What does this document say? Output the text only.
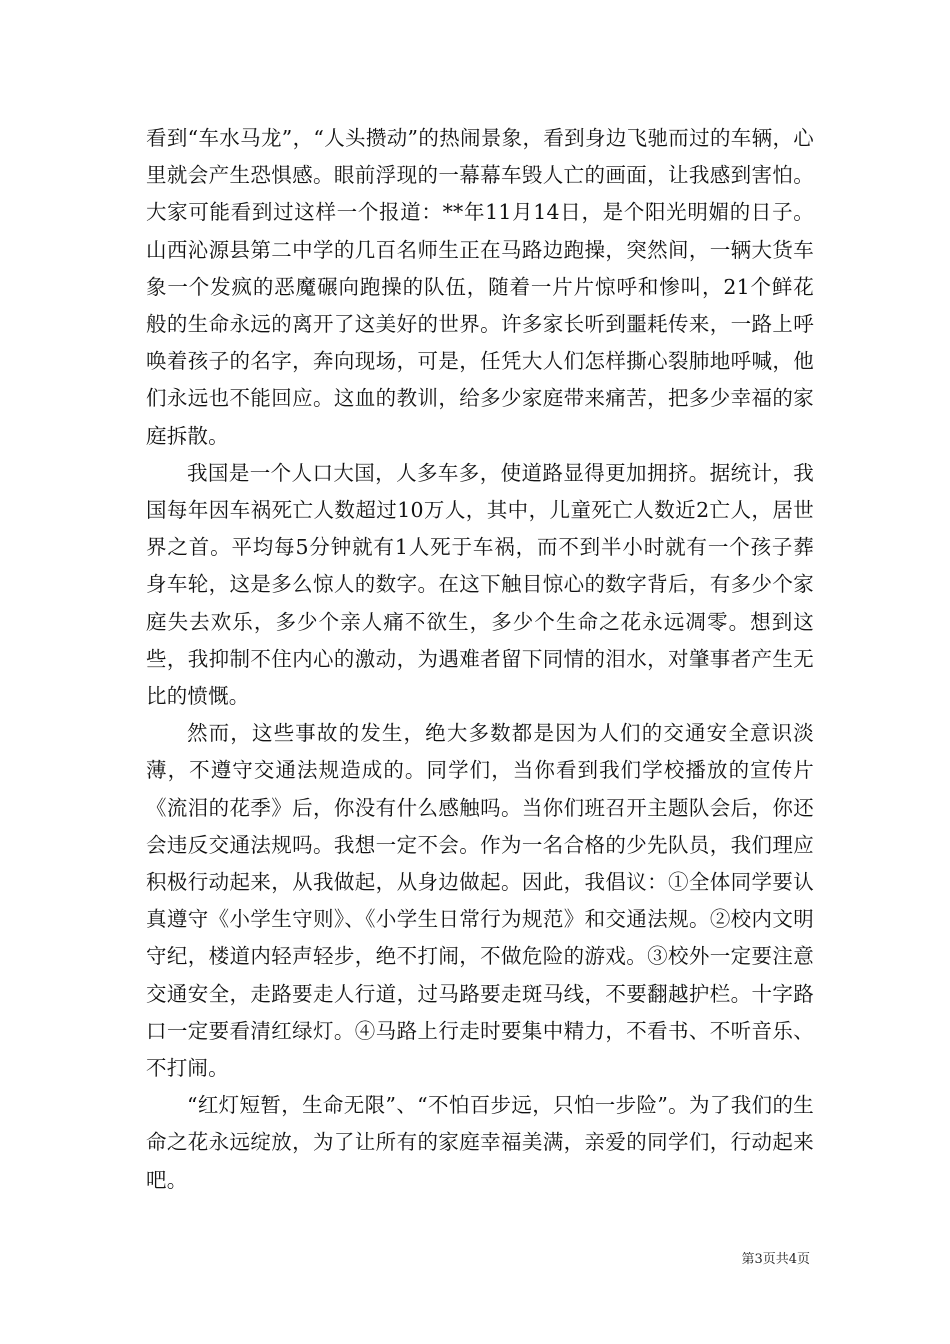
看到“车水马龙”，“人头攒动”的热闹景象，看到身边飞驰而过的车辆，心里就会产生恐惧感。眼前浮现的一幕幕车毁人亡的画面，让我感到害怕。大家可能看到过这样一个报道：**年11月14日，是个阳光明媚的日子。山西沁源县第二中学的几百名师生正在马路边跑操，突然间，一辆大货车象一个发疯的恶魔碾向跑操的队伍，随着一片片惊呼和惨叫，21个鲜花般的生命永远的离开了这美好的世界。许多家长听到噩耗传来，一路上呼唤着孩子的名字，奔向现场，可是，任凭大人们怎样撕心裂肺地呼喊，他们永远也不能回应。这血的教训，给多少家庭带来痛苦，把多少幸福的家庭拆散。

我国是一个人口大国，人多车多，使道路显得更加拥挤。据统计，我国每年因车祸死亡人数超过10万人，其中，儿童死亡人数近2亡人，居世界之首。平均每5分钟就有1人死于车祸，而不到半小时就有一个孩子葬身车轮，这是多么惊人的数字。在这下触目惊心的数字背后，有多少个家庭失去欢乐，多少个亲人痛不欲生，多少个生命之花永远凋零。想到这些，我抑制不住内心的激动，为遇难者留下同情的泪水，对肇事者产生无比的愤慨。

然而，这些事故的发生，绝大多数都是因为人们的交通安全意识淡薄，不遵守交通法规造成的。同学们，当你看到我们学校播放的宣传片《流泪的花季》后，你没有什么感触吗。当你们班召开主题队会后，你还会违反交通法规吗。我想一定不会。作为一名合格的少先队员，我们理应积极行动起来，从我做起，从身边做起。因此，我倡议：①全体同学要认真遵守《小学生守则》、《小学生日常行为规范》和交通法规。②校内文明守纪，楼道内轻声轻步，绝不打闹，不做危险的游戏。③校外一定要注意交通安全，走路要走人行道，过马路要走斑马线，不要翻越护栏。十字路口一定要看清红绿灯。④马路上行走时要集中精力，不看书、不听音乐、不打闹。

“红灯短暂，生命无限”、“不怕百步远，只怕一步险”。为了我们的生命之花永远绽放，为了让所有的家庭幸福美满，亲爱的同学们，行动起来吧。

第3页共4页
